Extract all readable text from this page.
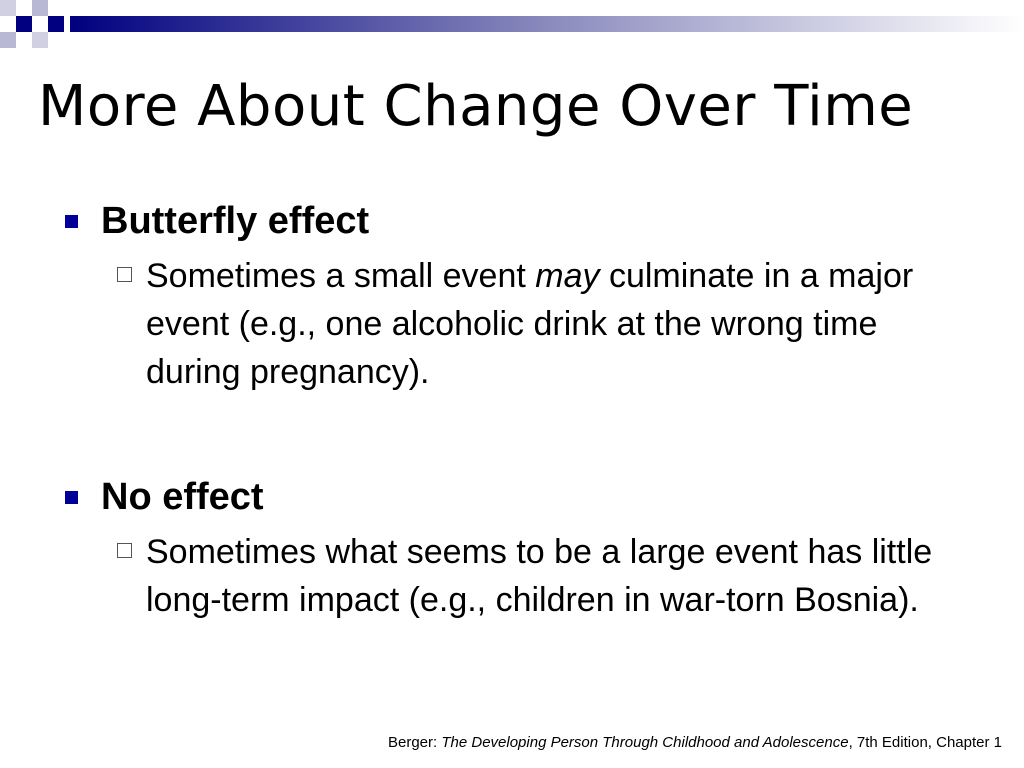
More About Change Over Time
Butterfly effect
Sometimes a small event may culminate in a major event (e.g., one alcoholic drink at the wrong time during pregnancy).
No effect
Sometimes what seems to be a large event has little long-term impact (e.g., children in war-torn Bosnia).
Berger: The Developing Person Through Childhood and Adolescence, 7th Edition, Chapter 1
